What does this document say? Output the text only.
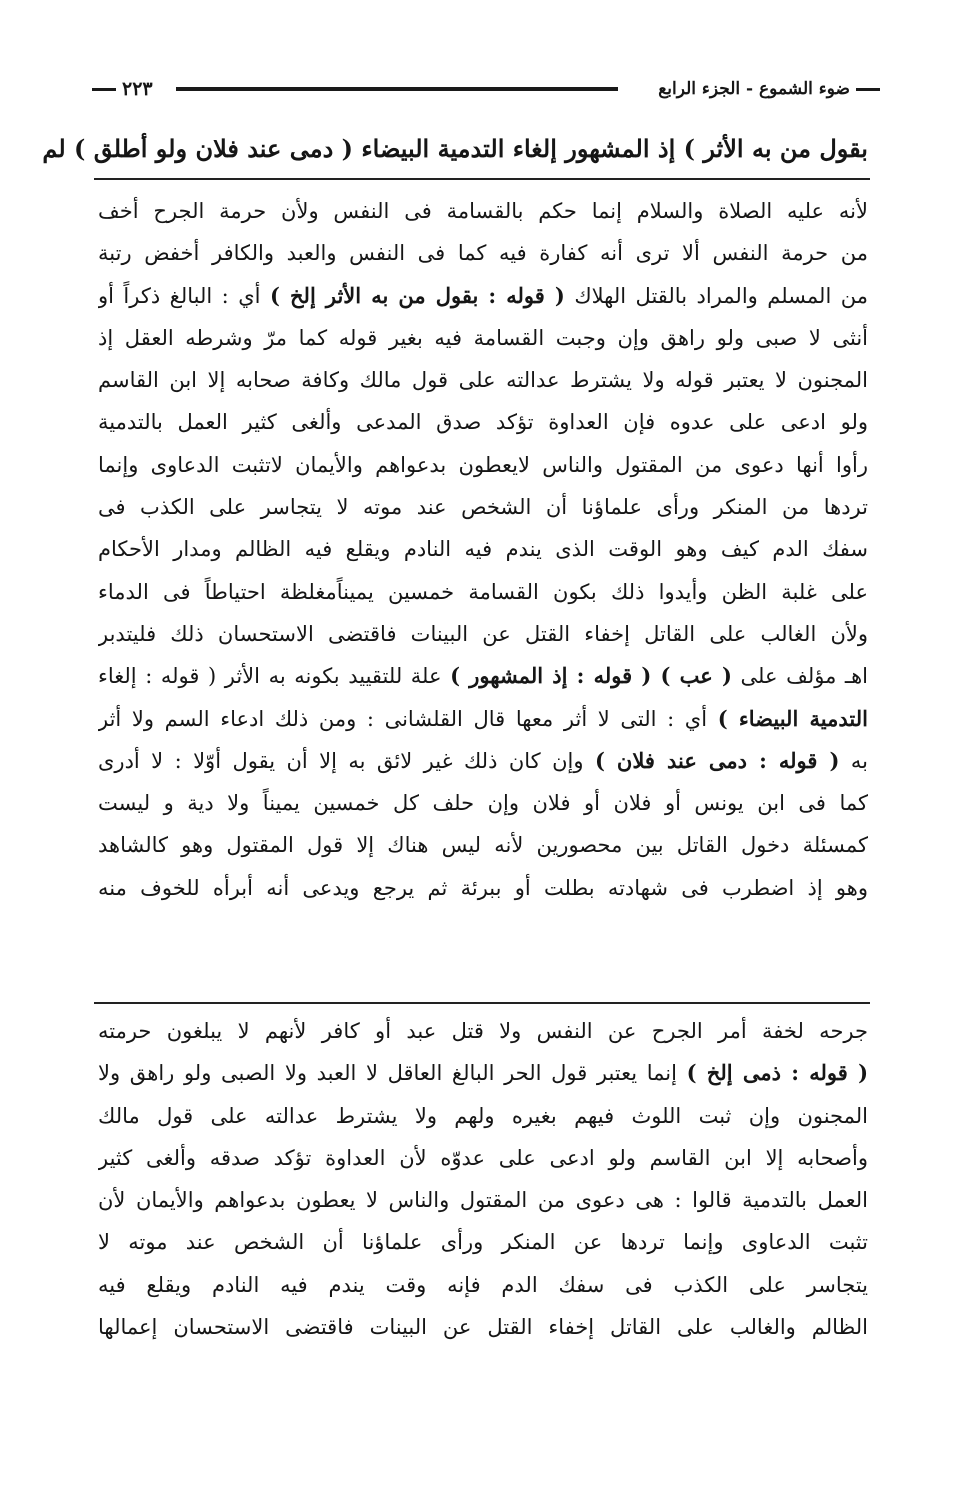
ضوء الشموع - الجزء الرابع
٢٢٣
بقول من به الأثر ) إذ المشهور إلغاء التدمية البيضاء ( دمى عند فلان ولو أطلق ) لم
لأنه عليه الصلاة والسلام إنما حكم بالقسامة فى النفس ولأن حرمة الجرح أخف
من حرمة النفس ألا ترى أنه كفارة فيه كما فى النفس والعبد والكافر أخفض رتبة
من المسلم والمراد بالقتل الهلاك ( قوله : بقول من به الأثر إلخ ) أي : البالغ ذكراً أو
أنثى لا صبى ولو راهق وإن وجبت القسامة فيه بغير قوله كما مرّ وشرطه العقل إذ
المجنون لا يعتبر قوله ولا يشترط عدالته على قول مالك وكافة صحابه إلا ابن القاسم
ولو ادعى على عدوه فإن العداوة تؤكد صدق المدعى وألغى كثير العمل بالتدمية
رأوا أنها دعوى من المقتول والناس لايعطون بدعواهم والأيمان لاتثبت الدعاوى وإنما
تردها من المنكر ورأى علماؤنا أن الشخص عند موته لا يتجاسر على الكذب فى
سفك الدم كيف وهو الوقت الذى يندم فيه النادم ويقلع فيه الظالم ومدار الأحكام
على غلبة الظن وأيدوا ذلك بكون القسامة خمسين يميناًمغلظة احتياطاً فى الدماء
ولأن الغالب على القاتل إخفاء القتل عن البينات فاقتضى الاستحسان ذلك فليتدبر
اهـ مؤلف على ( عب ) ( قوله : إذ المشهور ) علة للتقييد بكونه به الأثر ( قوله : إلغاء
التدمية البيضاء ) أي : التى لا أثر معها قال القلشانى : ومن ذلك ادعاء السم ولا أثر
به ( قوله : دمى عند فلان ) وإن كان ذلك غير لائق به إلا أن يقول أوّلا : لا أدرى
كما فى ابن يونس أو فلان أو فلان وإن حلف كل خمسين يميناً ولا دية و ليست
كمسئلة دخول القاتل بين محصورين لأنه ليس هناك إلا قول المقتول وهو كالشاهد
وهو إذ اضطرب فى شهادته بطلت أو ببرئة ثم يرجع ويدعى أنه أبرأه للخوف منه
جرحه لخفة أمر الجرح عن النفس ولا قتل عبد أو كافر لأنهم لا يبلغون حرمته
( قوله : ذمى إلخ ) إنما يعتبر قول الحر البالغ العاقل لا العبد ولا الصبى ولو راهق ولا
المجنون وإن ثبت اللوث فيهم بغيره ولهم ولا يشترط عدالته على قول مالك
وأصحابه إلا ابن القاسم ولو ادعى على عدوّه لأن العداوة تؤكد صدقه وألغى كثير
العمل بالتدمية قالوا : هى دعوى من المقتول والناس لا يعطون بدعواهم والأيمان لأن
تثبت الدعاوى وإنما تردها عن المنكر ورأى علماؤنا أن الشخص عند موته لا
يتجاسر على الكذب فى سفك الدم فإنه وقت يندم فيه النادم ويقلع فيه
الظالم والغالب على القاتل إخفاء القتل عن البينات فاقتضى الاستحسان إعمالها
